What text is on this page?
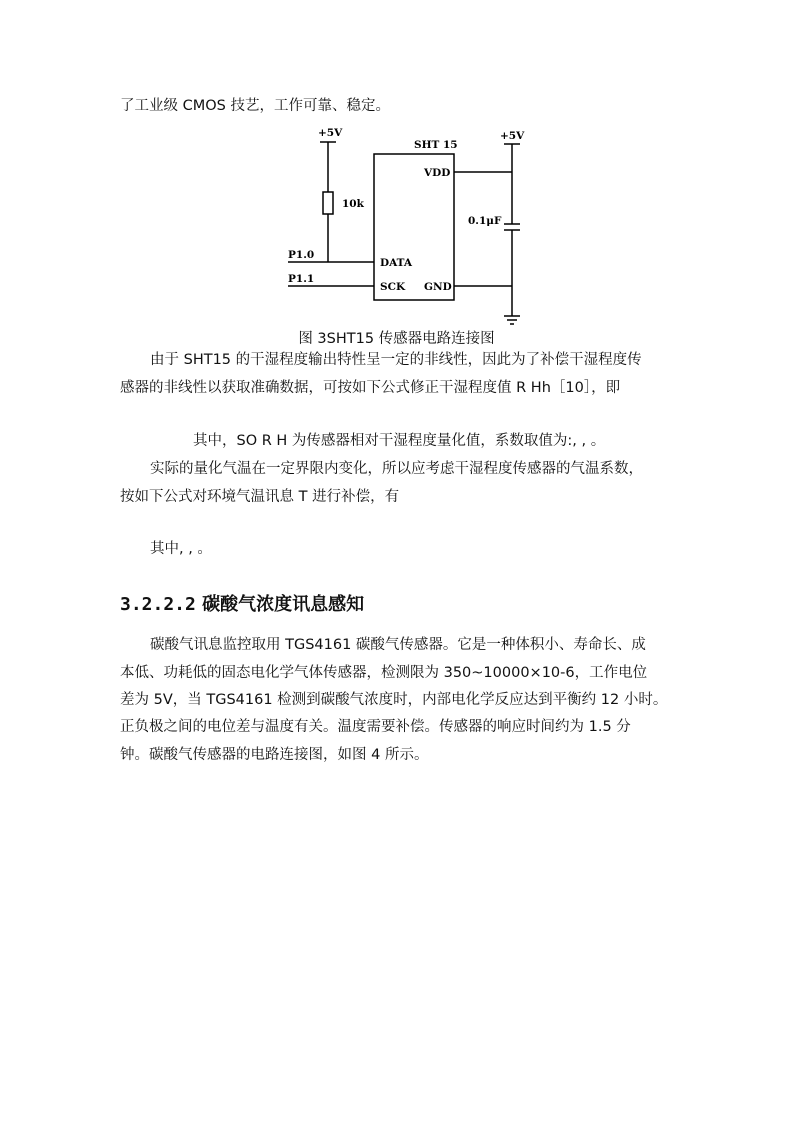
了工业级 CMOS 技艺，工作可靠、稳定。
+5V	+5V
SHT 15
VDD
DATA
SCK GND
10k
0.1μF
P1.0
P1.1
图 3SHT15 传感器电路连接图
由于 SHT15 的干湿程度输出特性呈一定的非线性，因此为了补偿干湿程度传
感器的非线性以获取准确数据，可按如下公式修正干湿程度值 R Hh［10］，即
其中，SO R H 为传感器相对干湿程度量化值，系数取值为:, , 。
实际的量化气温在一定界限内变化，所以应考虑干湿程度传感器的气温系数，
按如下公式对环境气温讯息 T 进行补偿，有
其中, , 。
3.2.2.2 碳酸气浓度讯息感知
碳酸气讯息监控取用 TGS4161 碳酸气传感器。它是一种体积小、寿命长、成
本低、功耗低的固态电化学气体传感器，检测限为 350~10000×10-6，工作电位
差为 5V，当 TGS4161 检测到碳酸气浓度时，内部电化学反应达到平衡约 12 小时。
正负极之间的电位差与温度有关。温度需要补偿。传感器的响应时间约为 1.5 分
钟。碳酸气传感器的电路连接图，如图 4 所示。
